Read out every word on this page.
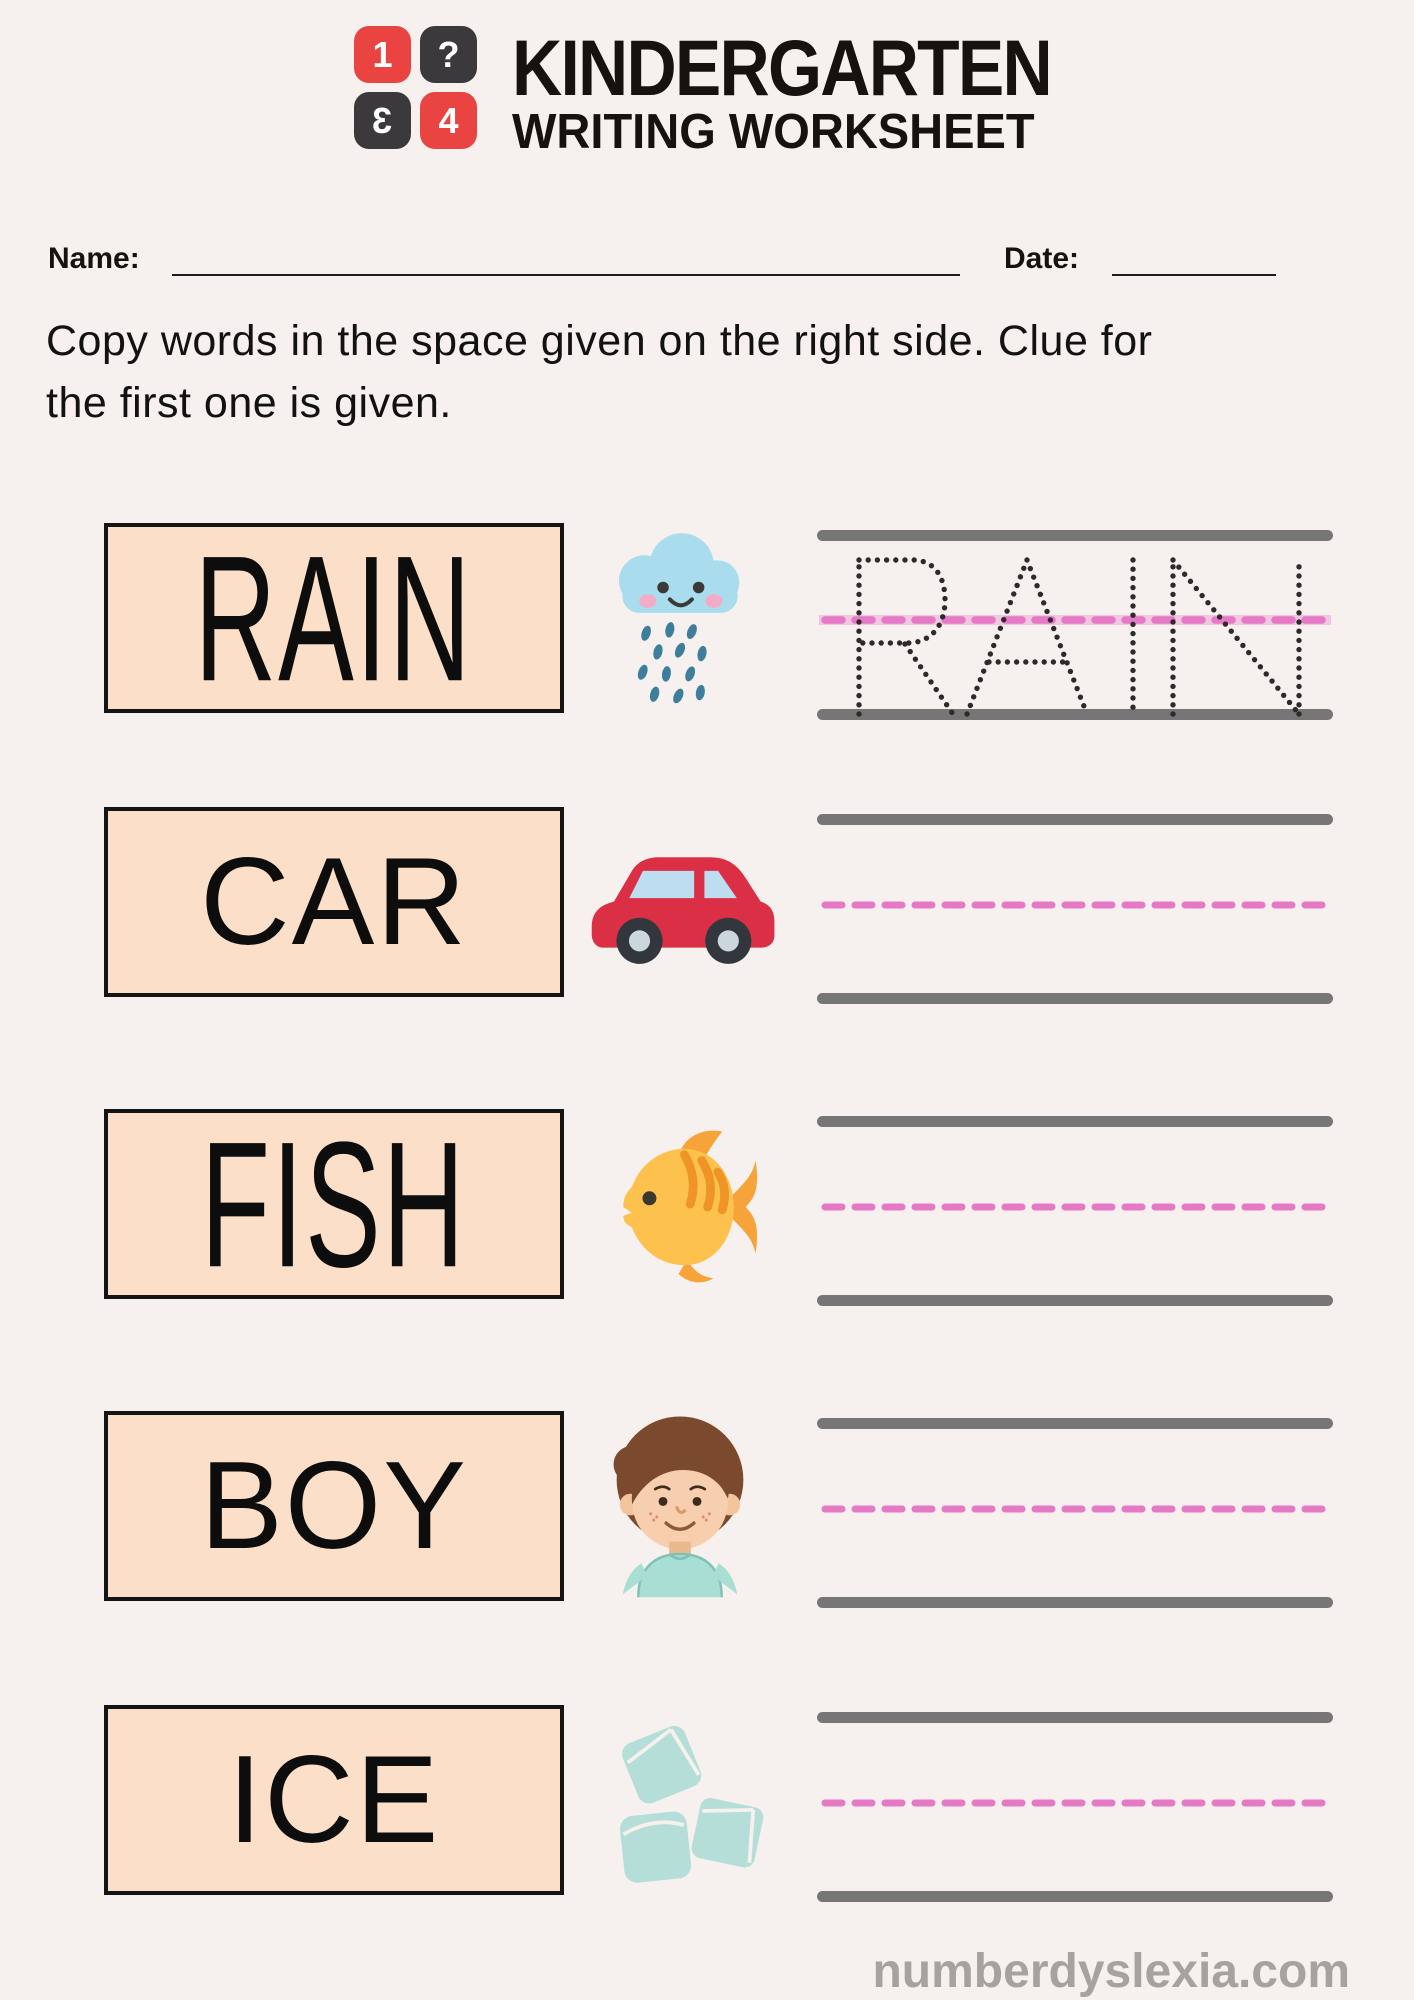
1 ?
3 4
KINDERGARTEN
WRITING WORKSHEET
Name:	Date:
Copy words in the space given on the right side. Clue for the first one is given.
RAIN
CAR
FISH
BOY
ICE
numberdyslexia.com
